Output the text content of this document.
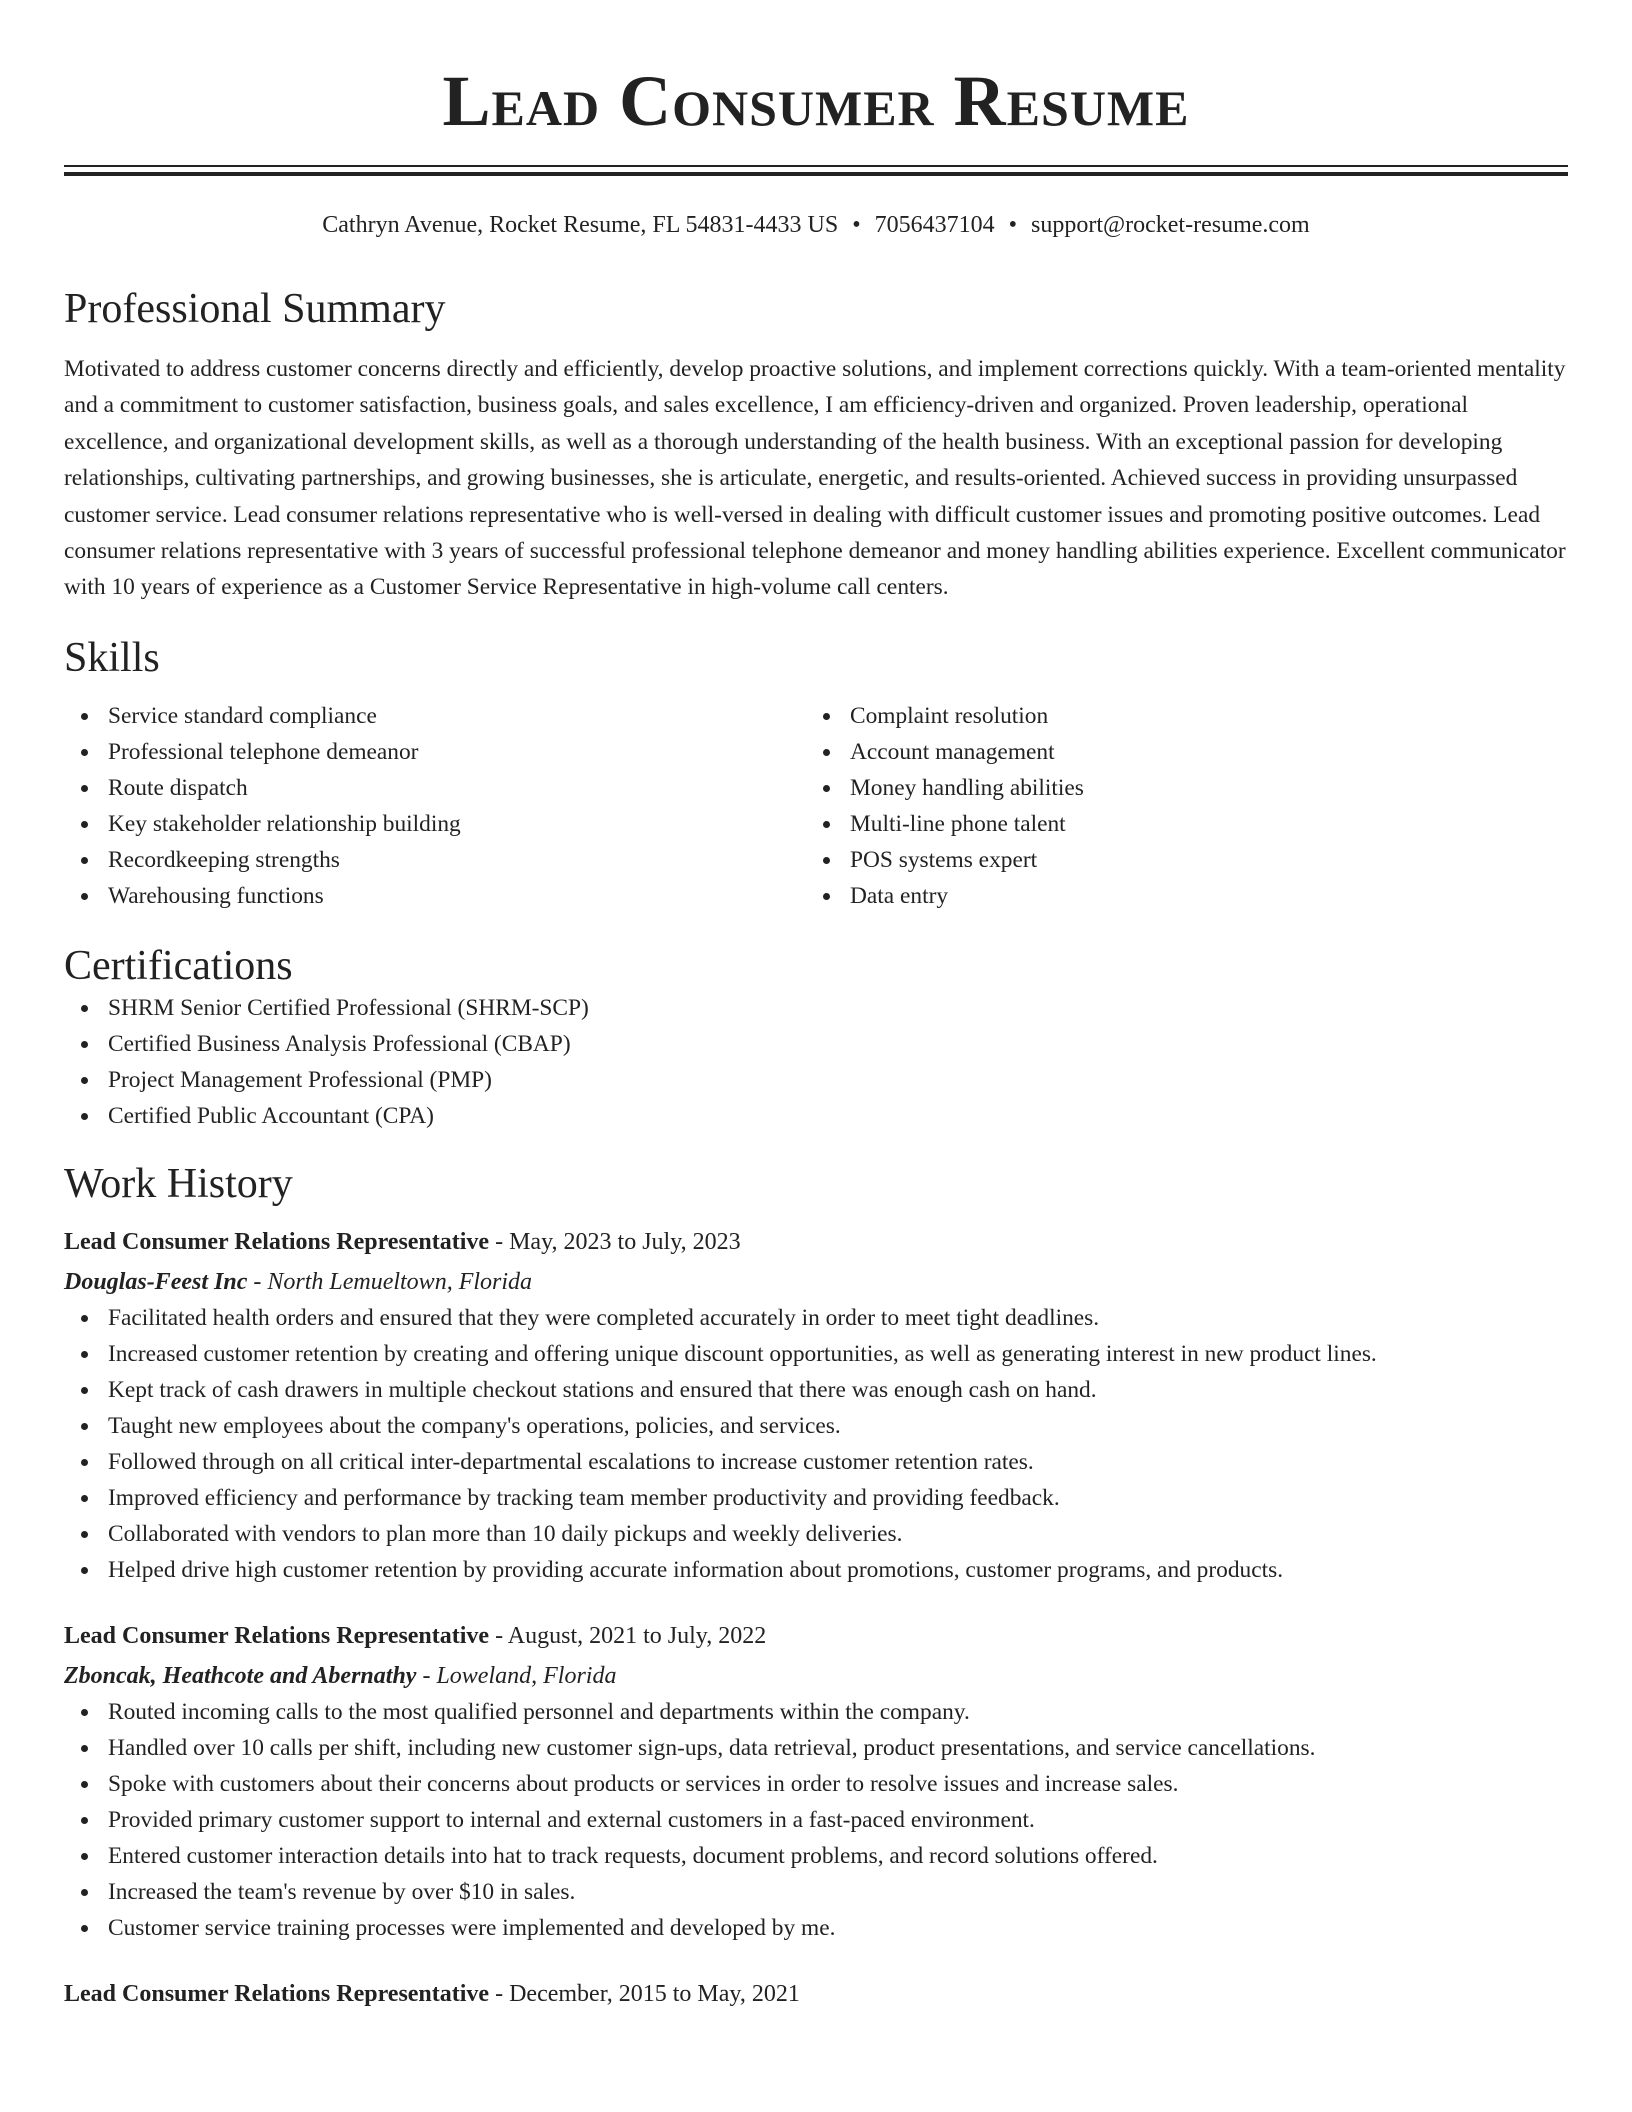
Lead Consumer Resume
Cathryn Avenue, Rocket Resume, FL 54831-4433 US • 7056437104 • support@rocket-resume.com
Professional Summary

Motivated to address customer concerns directly and efficiently, develop proactive solutions, and implement corrections quickly. With a team-oriented mentality and a commitment to customer satisfaction, business goals, and sales excellence, I am efficiency-driven and organized. Proven leadership, operational excellence, and organizational development skills, as well as a thorough understanding of the health business. With an exceptional passion for developing relationships, cultivating partnerships, and growing businesses, she is articulate, energetic, and results-oriented. Achieved success in providing unsurpassed customer service. Lead consumer relations representative who is well-versed in dealing with difficult customer issues and promoting positive outcomes. Lead consumer relations representative with 3 years of successful professional telephone demeanor and money handling abilities experience. Excellent communicator with 10 years of experience as a Customer Service Representative in high-volume call centers.

Skills
Service standard compliance
Professional telephone demeanor
Route dispatch
Key stakeholder relationship building
Recordkeeping strengths
Warehousing functions
Complaint resolution
Account management
Money handling abilities
Multi-line phone talent
POS systems expert
Data entry
Certifications
SHRM Senior Certified Professional (SHRM-SCP)
Certified Business Analysis Professional (CBAP)
Project Management Professional (PMP)
Certified Public Accountant (CPA)
Work History
Lead Consumer Relations Representative - May, 2023 to July, 2023
Douglas-Feest Inc - North Lemueltown, Florida
Facilitated health orders and ensured that they were completed accurately in order to meet tight deadlines.
Increased customer retention by creating and offering unique discount opportunities, as well as generating interest in new product lines.
Kept track of cash drawers in multiple checkout stations and ensured that there was enough cash on hand.
Taught new employees about the company's operations, policies, and services.
Followed through on all critical inter-departmental escalations to increase customer retention rates.
Improved efficiency and performance by tracking team member productivity and providing feedback.
Collaborated with vendors to plan more than 10 daily pickups and weekly deliveries.
Helped drive high customer retention by providing accurate information about promotions, customer programs, and products.
Lead Consumer Relations Representative - August, 2021 to July, 2022
Zboncak, Heathcote and Abernathy - Loweland, Florida
Routed incoming calls to the most qualified personnel and departments within the company.
Handled over 10 calls per shift, including new customer sign-ups, data retrieval, product presentations, and service cancellations.
Spoke with customers about their concerns about products or services in order to resolve issues and increase sales.
Provided primary customer support to internal and external customers in a fast-paced environment.
Entered customer interaction details into hat to track requests, document problems, and record solutions offered.
Increased the team's revenue by over $10 in sales.
Customer service training processes were implemented and developed by me.
Lead Consumer Relations Representative - December, 2015 to May, 2021
